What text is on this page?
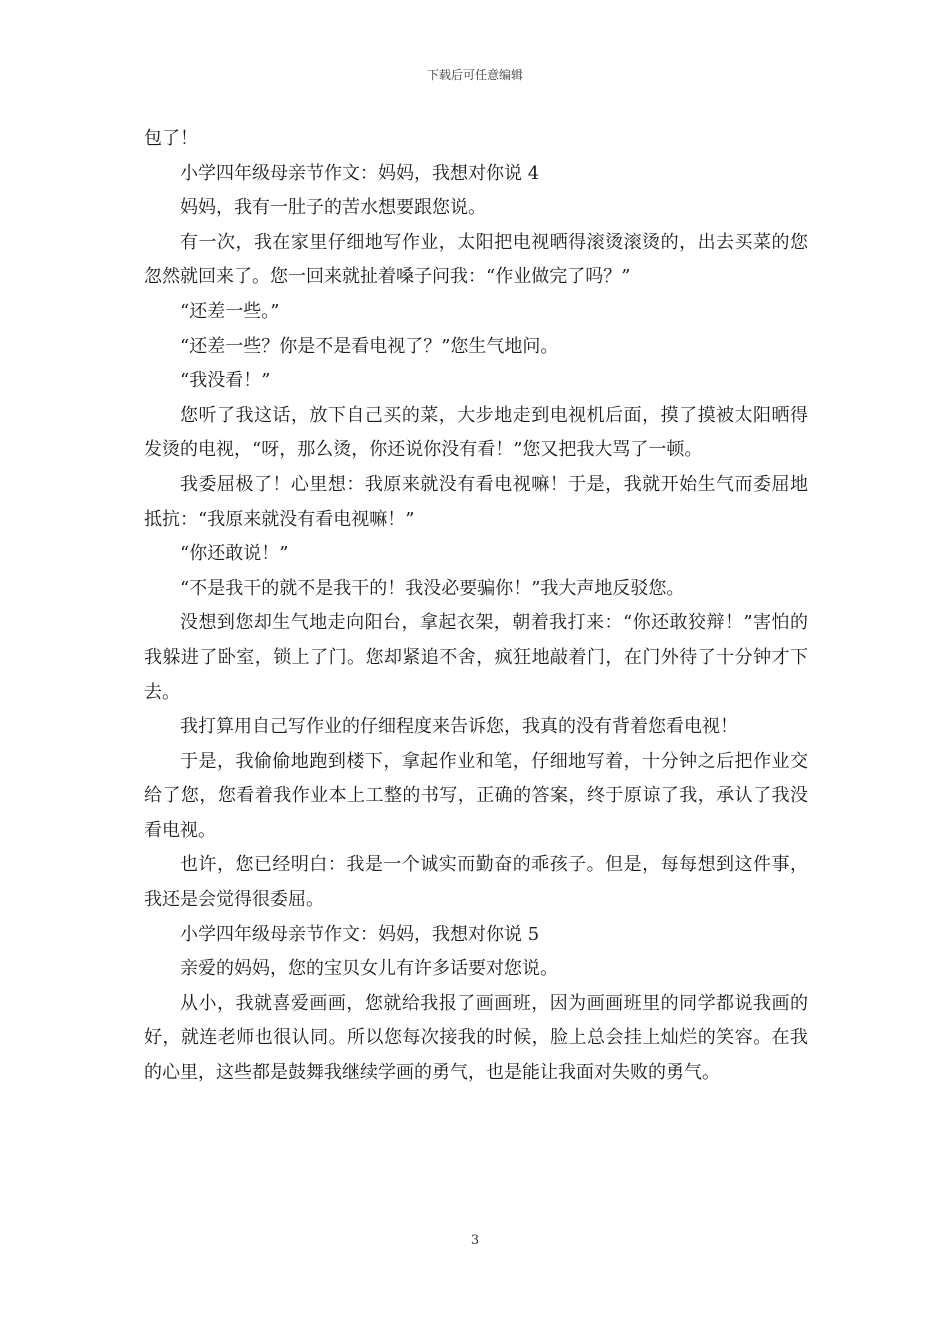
下载后可任意编辑

包了！

小学四年级母亲节作文：妈妈，我想对你说 4

妈妈，我有一肚子的苦水想要跟您说。

有一次，我在家里仔细地写作业，太阳把电视晒得滚烫滚烫的，出去买菜的您忽然就回来了。您一回来就扯着嗓子问我：“作业做完了吗？”

“还差一些。”

“还差一些？你是不是看电视了？”您生气地问。

“我没看！”

您听了我这话，放下自己买的菜，大步地走到电视机后面，摸了摸被太阳晒得发烫的电视，“呀，那么烫，你还说你没有看！”您又把我大骂了一顿。

我委屈极了！心里想：我原来就没有看电视嘛！于是，我就开始生气而委屈地抵抗：“我原来就没有看电视嘛！”

“你还敢说！”

“不是我干的就不是我干的！我没必要骗你！”我大声地反驳您。

没想到您却生气地走向阳台，拿起衣架，朝着我打来：“你还敢狡辩！”害怕的我躲进了卧室，锁上了门。您却紧追不舍，疯狂地敲着门，在门外待了十分钟才下去。

我打算用自己写作业的仔细程度来告诉您，我真的没有背着您看电视！

于是，我偷偷地跑到楼下，拿起作业和笔，仔细地写着，十分钟之后把作业交给了您，您看着我作业本上工整的书写，正确的答案，终于原谅了我，承认了我没看电视。

也许，您已经明白：我是一个诚实而勤奋的乖孩子。但是，每每想到这件事，我还是会觉得很委屈。

小学四年级母亲节作文：妈妈，我想对你说 5

亲爱的妈妈，您的宝贝女儿有许多话要对您说。

从小，我就喜爱画画，您就给我报了画画班，因为画画班里的同学都说我画的好，就连老师也很认同。所以您每次接我的时候，脸上总会挂上灿烂的笑容。在我的心里，这些都是鼓舞我继续学画的勇气，也是能让我面对失败的勇气。

3
